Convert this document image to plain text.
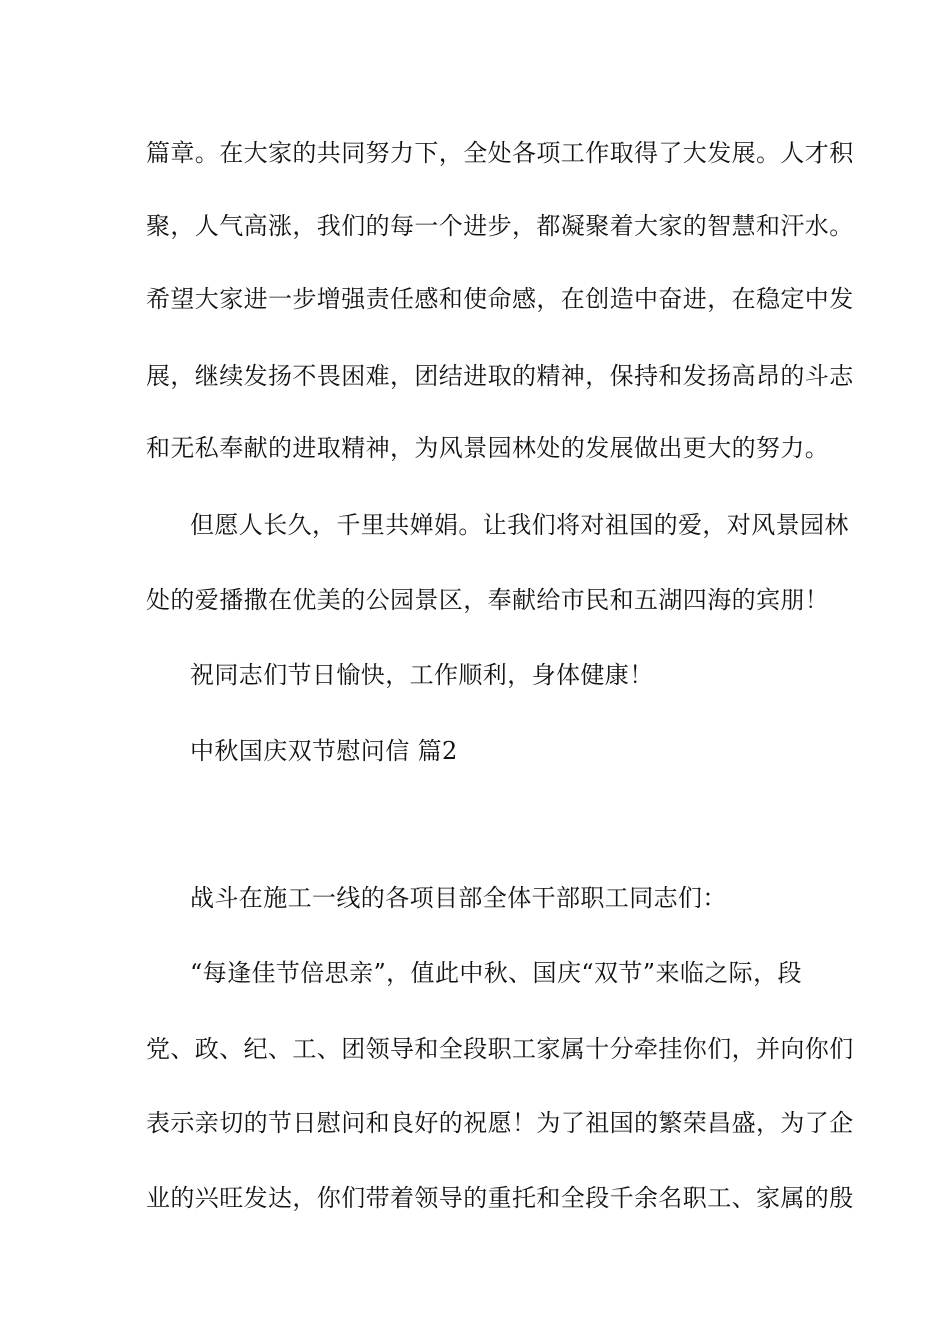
篇章。在大家的共同努力下，全处各项工作取得了大发展。人才积
聚，人气高涨，我们的每一个进步，都凝聚着大家的智慧和汗水。
希望大家进一步增强责任感和使命感，在创造中奋进，在稳定中发
展，继续发扬不畏困难，团结进取的精神，保持和发扬高昂的斗志
和无私奉献的进取精神，为风景园林处的发展做出更大的努力。
但愿人长久，千里共婵娟。让我们将对祖国的爱，对风景园林
处的爱播撒在优美的公园景区，奉献给市民和五湖四海的宾朋！
祝同志们节日愉快，工作顺利，身体健康！
中秋国庆双节慰问信 篇2
战斗在施工一线的各项目部全体干部职工同志们：
“每逢佳节倍思亲”，值此中秋、国庆“双节”来临之际，段
党、政、纪、工、团领导和全段职工家属十分牵挂你们，并向你们
表示亲切的节日慰问和良好的祝愿！为了祖国的繁荣昌盛，为了企
业的兴旺发达，你们带着领导的重托和全段千余名职工、家属的殷
